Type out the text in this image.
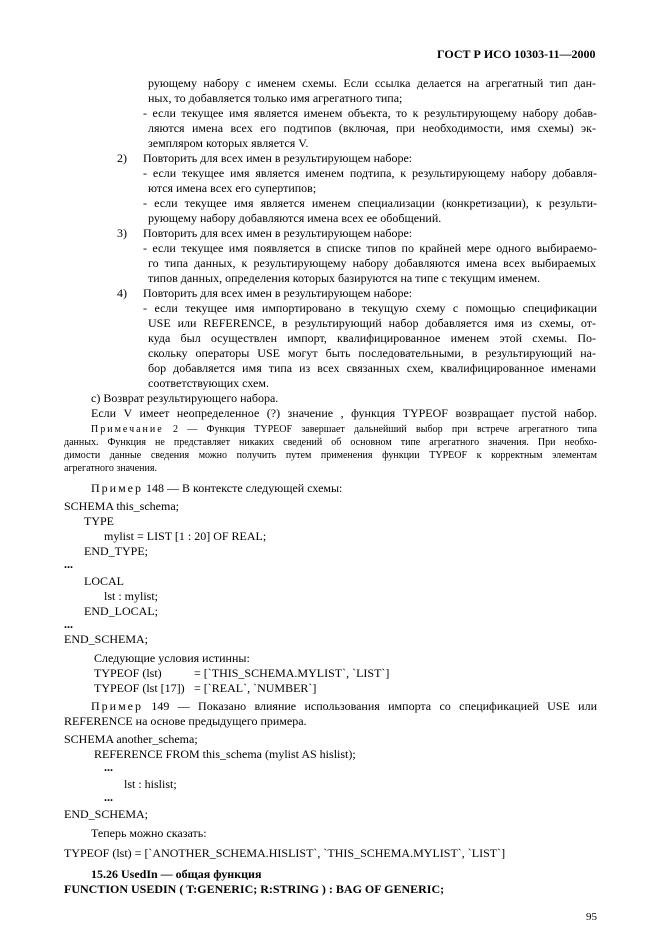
ГОСТ Р ИСО 10303-11—2000
рующему набору с именем схемы. Если ссылка делается на агрегатный тип дан-
ных, то добавляется только имя агрегатного типа;
- если текущее имя является именем объекта, то к результирующему набору добав-
ляются имена всех его подтипов (включая, при необходимости, имя схемы) эк-
земпляром которых является V.
2) Повторить для всех имен в результирующем наборе:
- если текущее имя является именем подтипа, к результирующему набору добавля-
ются имена всех его супертипов;
- если текущее имя является именем специализации (конкретизации), к результи-
рующему набору добавляются имена всех ее обобщений.
3) Повторить для всех имен в результирующем наборе:
- если текущее имя появляется в списке типов по крайней мере одного выбираемо-
го типа данных, к результирующему набору добавляются имена всех выбираемых
типов данных, определения которых базируются на типе с текущим именем.
4) Повторить для всех имен в результирующем наборе:
- если текущее имя импортировано в текущую схему с помощью спецификации
USE или REFERENCE, в результирующий набор добавляется имя из схемы, от-
куда был осуществлен импорт, квалифицированное именем этой схемы. По-
скольку операторы USE могут быть последовательными, в результирующий на-
бор добавляется имя типа из всех связанных схем, квалифицированное именами
соответствующих схем.
c) Возврат результирующего набора.
Если V имеет неопределенное (?) значение , функция TYPEOF возвращает пустой набор.
Примечание 2 — Функция TYPEOF завершает дальнейший выбор при встрече агрегатного типа
данных. Функция не представляет никаких сведений об основном типе агрегатного значения. При необхо-
димости данные сведения можно получить путем применения функции TYPEOF к корректным элементам
агрегатного значения.
Пример 148 — В контексте следующей схемы:
SCHEMA this_schema;
TYPE
mylist = LIST [1 : 20] OF REAL;
END_TYPE;
...
LOCAL
lst : mylist;
END_LOCAL;
...
END_SCHEMA;
Следующие условия истинны:
TYPEOF (lst)	= [`THIS_SCHEMA.MYLIST`, `LIST`]
TYPEOF (lst [17]) = [`REAL`, `NUMBER`]
Пример 149 — Показано влияние использования импорта со спецификацией USE или
REFERENCE на основе предыдущего примера.
SCHEMA another_schema;
REFERENCE FROM this_schema (mylist AS hislist);
...
lst : hislist;
...
END_SCHEMA;
Теперь можно сказать:
TYPEOF (lst) = [`ANOTHER_SCHEMA.HISLIST`, `THIS_SCHEMA.MYLIST`, `LIST`]
15.26 UsedIn — общая функция
FUNCTION USEDIN ( T:GENERIC; R:STRING ) : BAG OF GENERIC;
95
